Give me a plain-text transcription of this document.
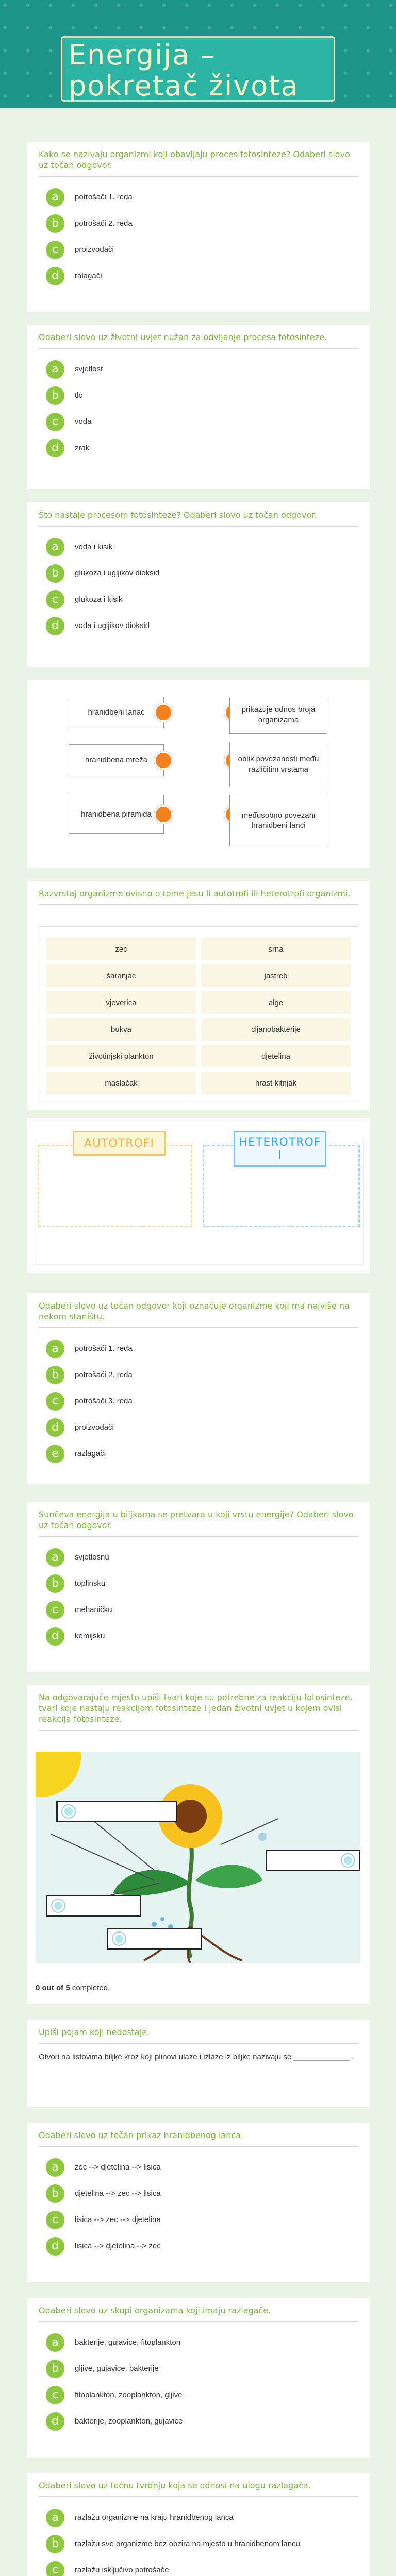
Energija – pokretač života
Kako se nazivaju organizmi koji obavljaju proces fotosinteze? Odaberi slovo uz točan odgovor.
a	potrošači 1. reda
b	potrošači 2. reda
c	proizvođači
d	ralagači
Odaberi slovo uz životni uvjet nužan za odvijanje procesa fotosinteze.
a	svjetlost
b	tlo
c	voda
d	zrak
Što nastaje procesom fotosinteze? Odaberi slovo uz točan odgovor.
a	voda i kisik
b	glukoza i ugljikov dioksid
c	glukoza i kisik
d	voda i ugljikov dioksid
hranidbeni lanac
hranidbena mreža
hranidbena piramida
prikazuje odnos broja organizama
oblik povezanosti među različitim vrstama
međusobno povezani hranidbeni lanci
Razvrstaj organizme ovisno o tome jesu li autotrofi ili heterotrofi organizmi.
zec	srna
šaranjac	jastreb
vjeverica	alge
bukva	cijanobakterije
životinjski plankton	djetelina
maslačak	hrast kitnjak
AUTOTROFI	HETEROTROF I
Odaberi slovo uz točan odgovor koji označuje organizme koji ma najviše na nekom staništu.
a	potrošači 1. reda
b	potrošači 2. reda
c	potrošači 3. reda
d	proizvođači
e	razlagači
Sunčeva energija u biljkama se pretvara u koji vrstu energije? Odaberi slovo uz točan odgovor.
a	svjetlosnu
b	toplinsku
c	mehaničku
d	kemijsku
Na odgovarajuće mjesto upiši tvari koje su potrebne za reakciju fotosinteze, tvari koje nastaju reakcijom fotosinteze i jedan životni uvjet u kojem ovisi reakcija fotosinteze.
0 out of 5 completed.
Upiši pojam koji nedostaje.
Otvori na listovima biljke kroz koji plinovi ulaze i izlaze iz biljke nazivaju se _____________ .
Odaberi slovo uz točan prikaz hranidbenog lanca.
a	zec --> djetelina --> lisica
b	djetelina --> zec --> lisica
c	lisica --> zec --> djetelina
d	lisica --> djetelina --> zec
Odaberi slovo uz skupi organizama koji imaju razlagače.
a	bakterije, gujavice, fitoplankton
b	gljive, gujavice, bakterije
c	fitoplankton, zooplankton, gljive
d	bakterije, zooplankton, gujavice
Odaberi slovo uz točnu tvrdnju koja se odnosi na ulogu razlagača.
a	razlažu organizme na kraju hranidbenog lanca
b	razlažu sve organizme bez obzira na mjesto u hranidbenom lancu
c	razlažu isključivo potrošače
